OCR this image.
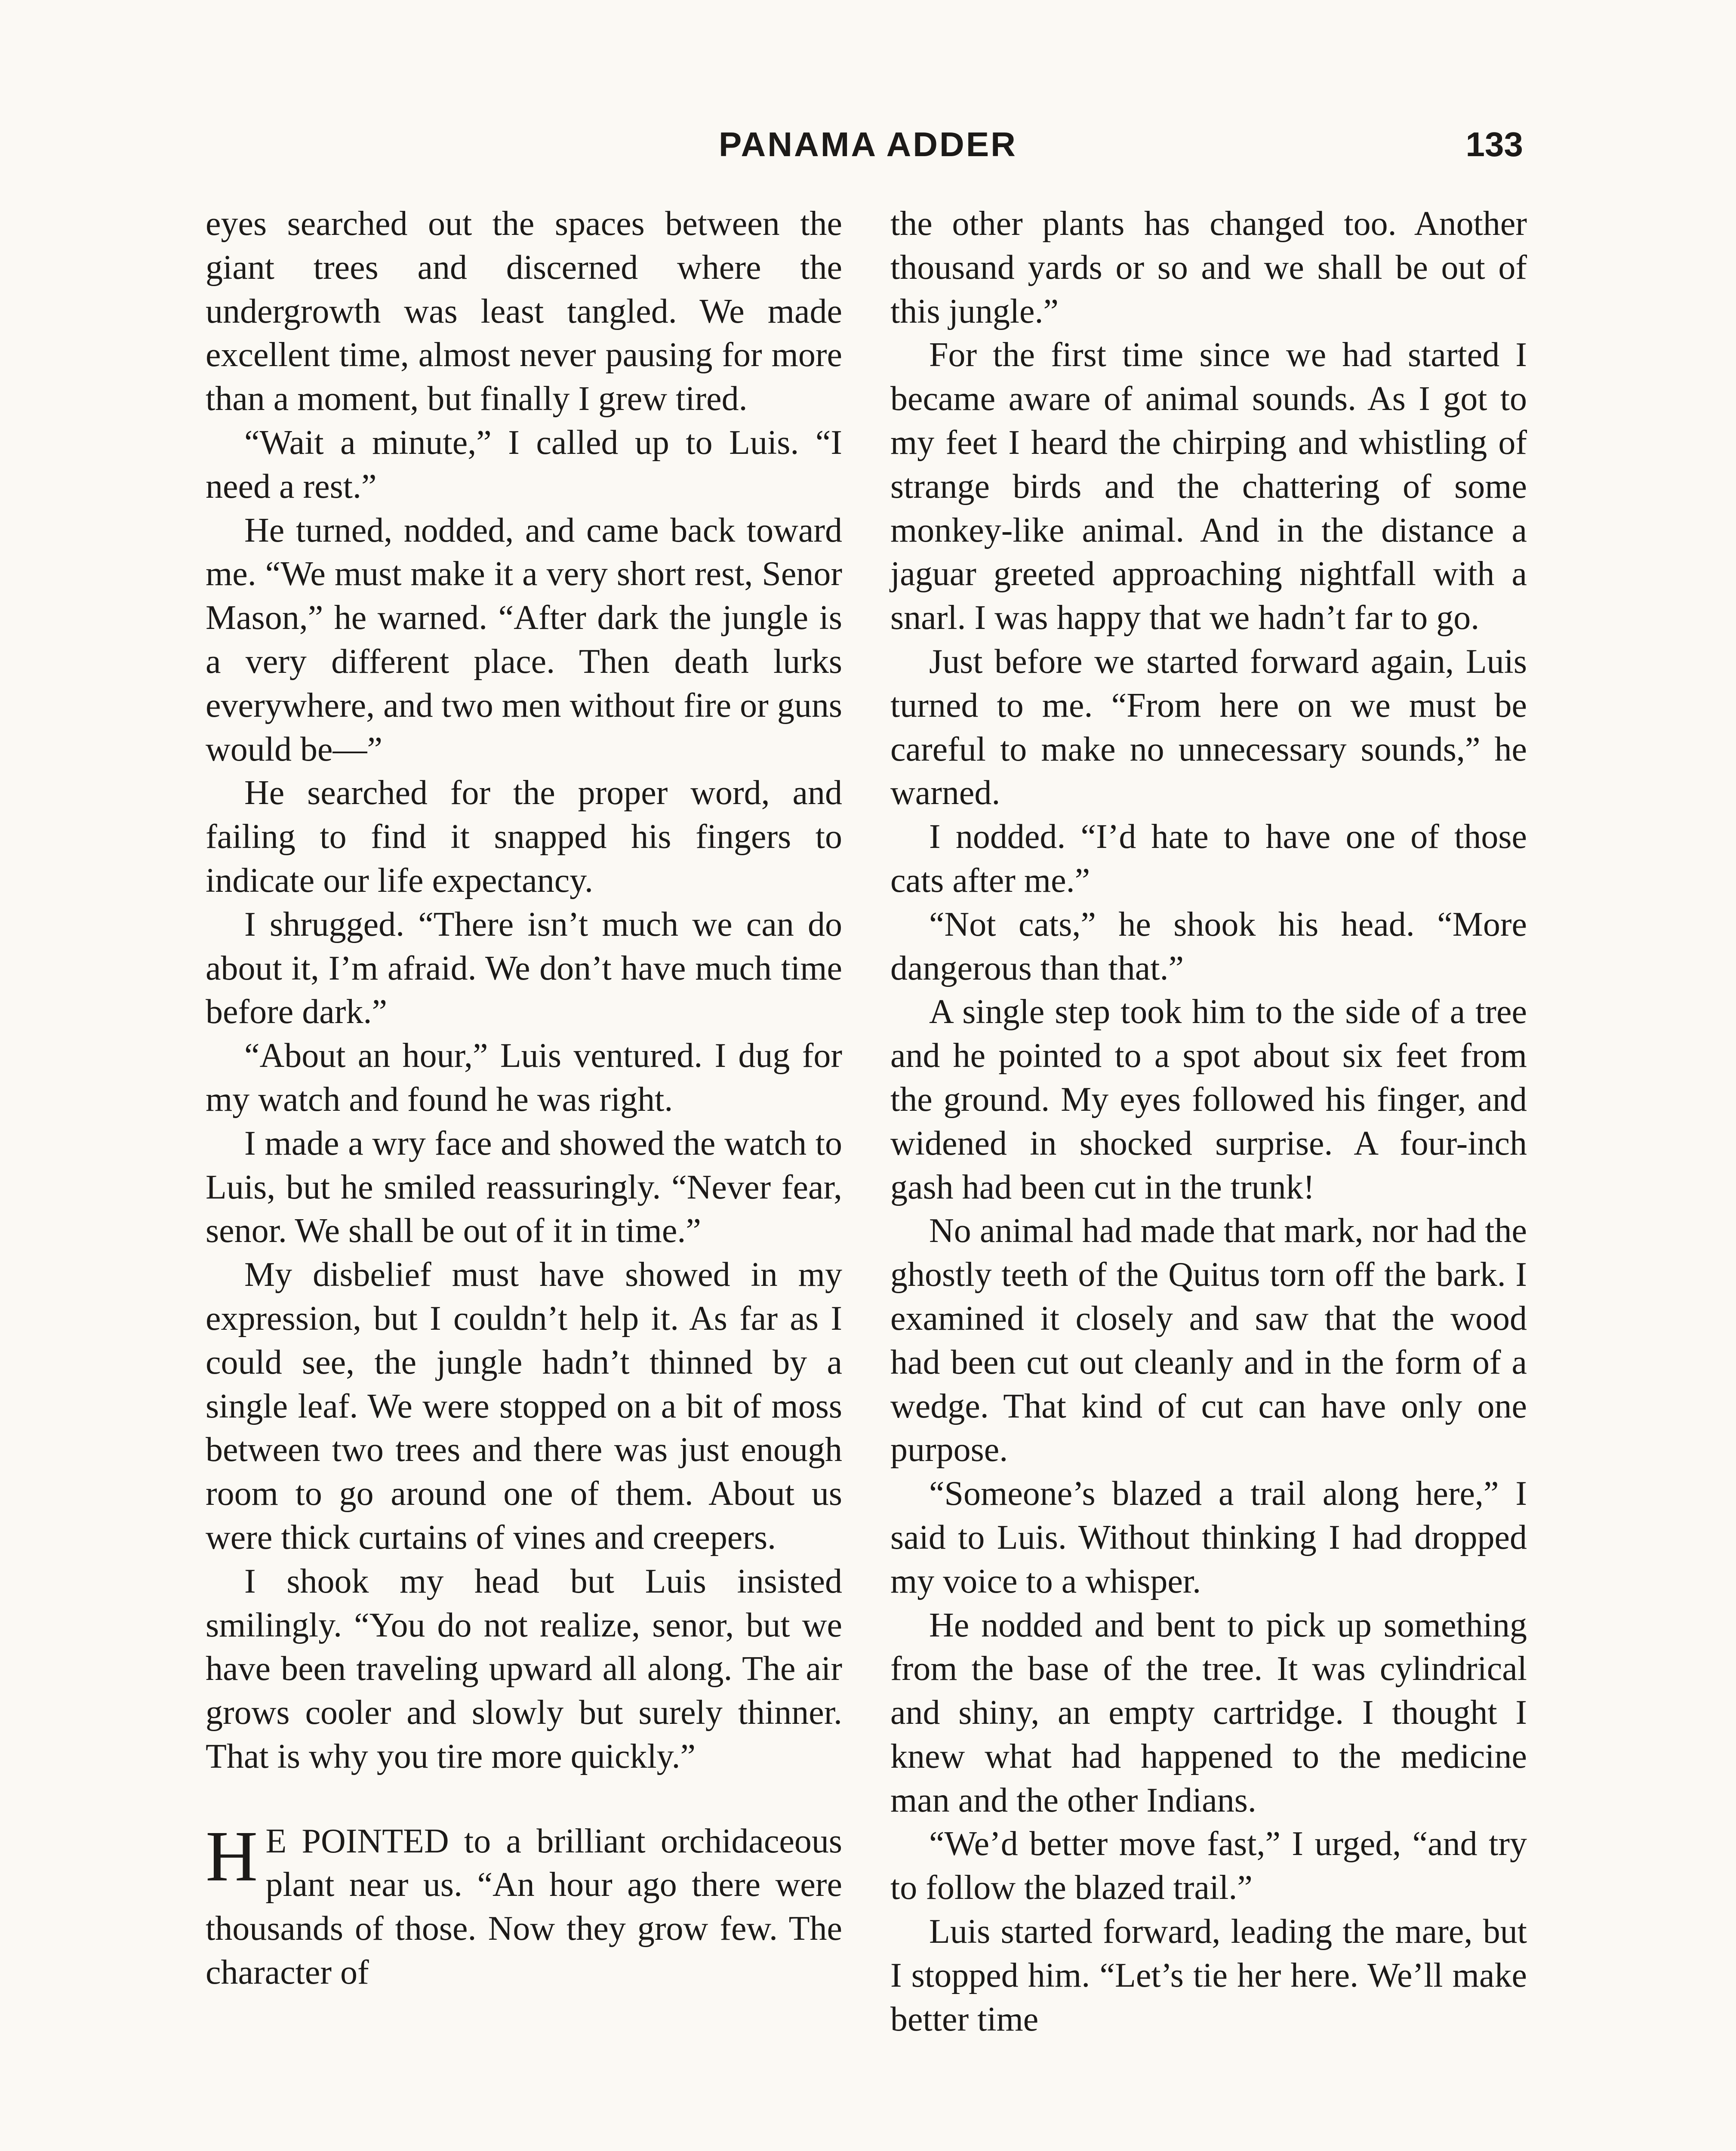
PANAMA ADDER	133

eyes searched out the spaces between the giant trees and discerned where the undergrowth was least tangled. We made excellent time, almost never pausing for more than a moment, but finally I grew tired.

“Wait a minute,” I called up to Luis. “I need a rest.”

He turned, nodded, and came back toward me. “We must make it a very short rest, Senor Mason,” he warned. “After dark the jungle is a very different place. Then death lurks everywhere, and two men without fire or guns would be—”

He searched for the proper word, and failing to find it snapped his fingers to indicate our life expectancy.

I shrugged. “There isn’t much we can do about it, I’m afraid. We don’t have much time before dark.”

“About an hour,” Luis ventured. I dug for my watch and found he was right.

I made a wry face and showed the watch to Luis, but he smiled reassuringly. “Never fear, senor. We shall be out of it in time.”

My disbelief must have showed in my expression, but I couldn’t help it. As far as I could see, the jungle hadn’t thinned by a single leaf. We were stopped on a bit of moss between two trees and there was just enough room to go around one of them. About us were thick curtains of vines and creepers.

I shook my head but Luis insisted smilingly. “You do not realize, senor, but we have been traveling upward all along. The air grows cooler and slowly but surely thinner. That is why you tire more quickly.”

H E POINTED to a brilliant orchidaceous plant near us. “An hour ago there were thousands of those. Now they grow few. The character of

the other plants has changed too. Another thousand yards or so and we shall be out of this jungle.”

For the first time since we had started I became aware of animal sounds. As I got to my feet I heard the chirping and whistling of strange birds and the chattering of some monkey-like animal. And in the distance a jaguar greeted approaching nightfall with a snarl. I was happy that we hadn’t far to go.

Just before we started forward again, Luis turned to me. “From here on we must be careful to make no unnecessary sounds,” he warned.

I nodded. “I’d hate to have one of those cats after me.”

“Not cats,” he shook his head. “More dangerous than that.”

A single step took him to the side of a tree and he pointed to a spot about six feet from the ground. My eyes followed his finger, and widened in shocked surprise. A four-inch gash had been cut in the trunk!

No animal had made that mark, nor had the ghostly teeth of the Quitus torn off the bark. I examined it closely and saw that the wood had been cut out cleanly and in the form of a wedge. That kind of cut can have only one purpose.

“Someone’s blazed a trail along here,” I said to Luis. Without thinking I had dropped my voice to a whisper.

He nodded and bent to pick up something from the base of the tree. It was cylindrical and shiny, an empty cartridge. I thought I knew what had happened to the medicine man and the other Indians.

“We’d better move fast,” I urged, “and try to follow the blazed trail.”

Luis started forward, leading the mare, but I stopped him. “Let’s tie her here. We’ll make better time
